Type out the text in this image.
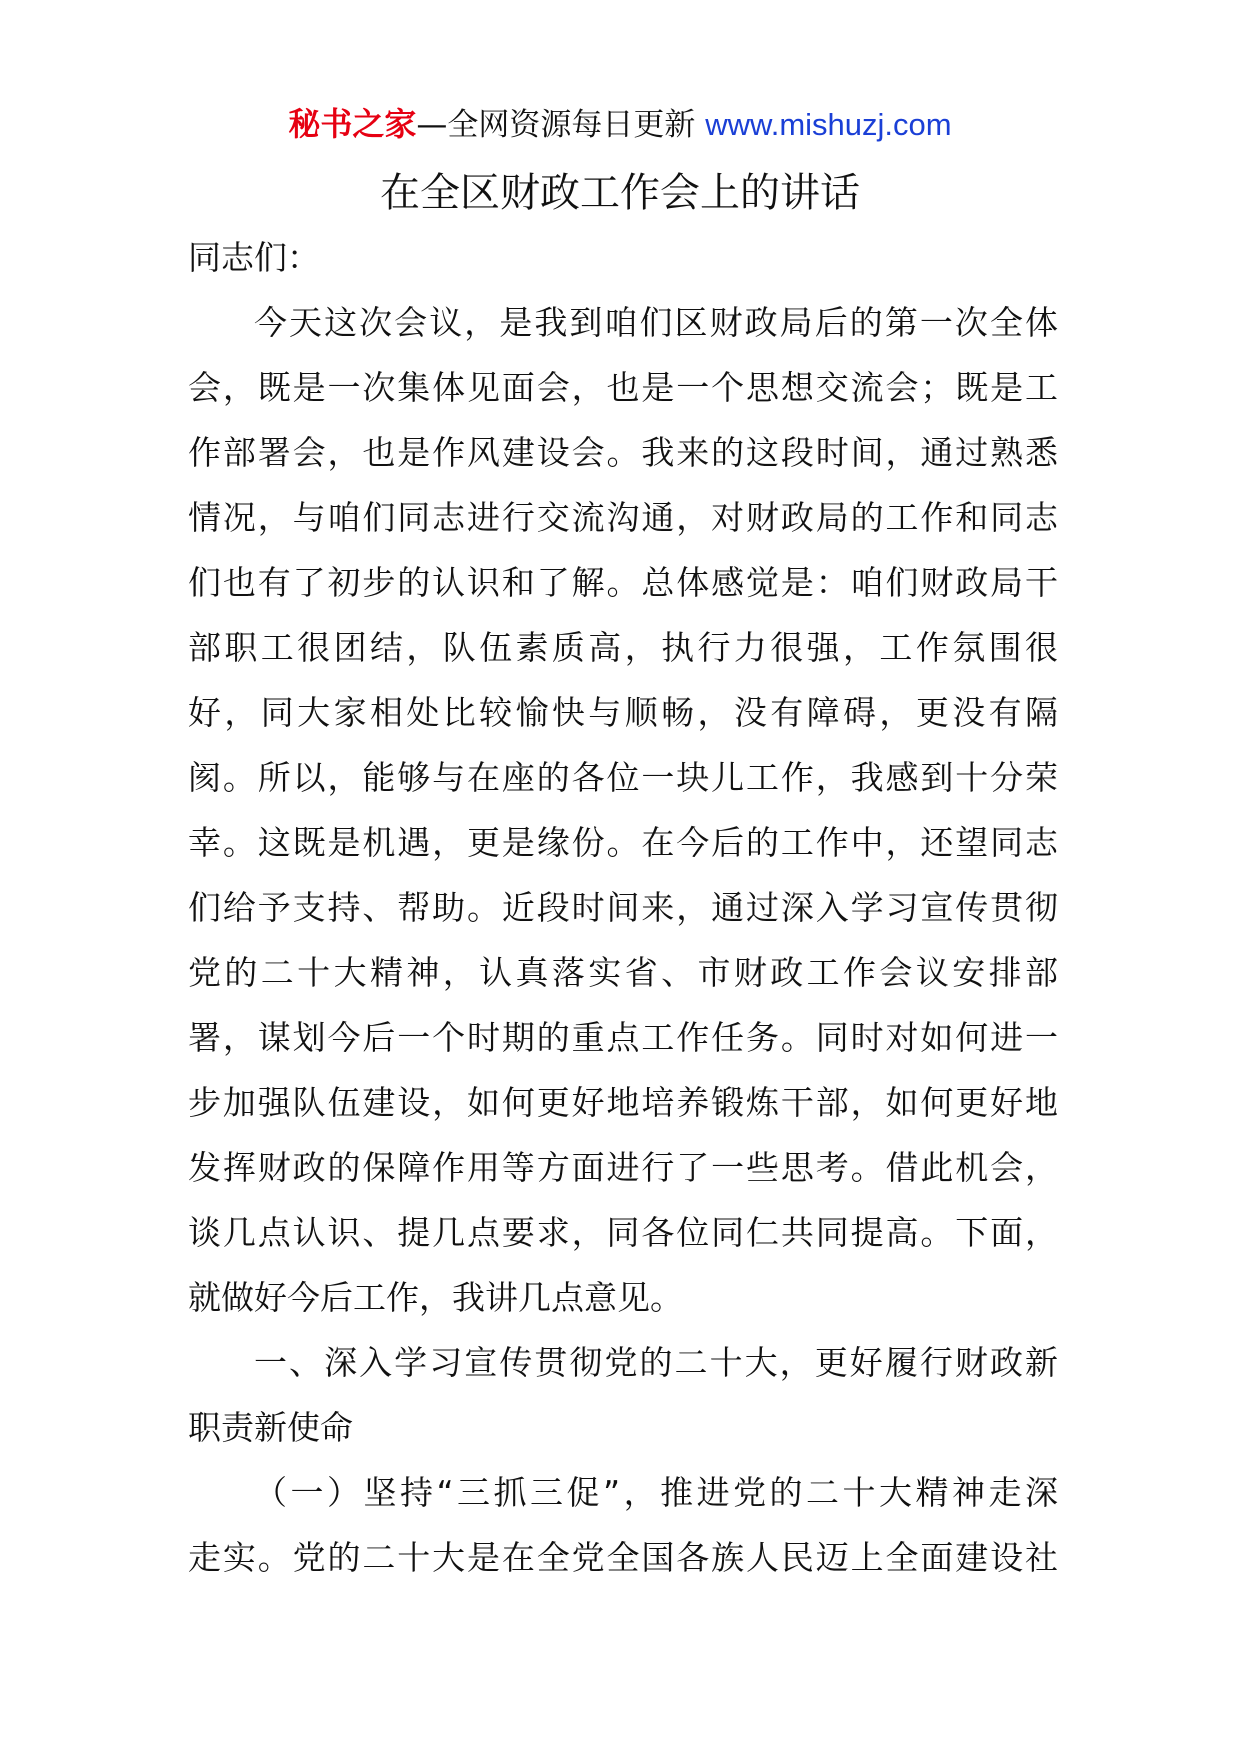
秘书之家—全网资源每日更新 www.mishuzj.com
在全区财政工作会上的讲话

同志们：

今天这次会议，是我到咱们区财政局后的第一次全体
会，既是一次集体见面会，也是一个思想交流会；既是工
作部署会，也是作风建设会。我来的这段时间，通过熟悉
情况，与咱们同志进行交流沟通，对财政局的工作和同志
们也有了初步的认识和了解。总体感觉是：咱们财政局干
部职工很团结，队伍素质高，执行力很强，工作氛围很
好，同大家相处比较愉快与顺畅，没有障碍，更没有隔
阂。所以，能够与在座的各位一块儿工作，我感到十分荣
幸。这既是机遇，更是缘份。在今后的工作中，还望同志
们给予支持、帮助。近段时间来，通过深入学习宣传贯彻
党的二十大精神，认真落实省、市财政工作会议安排部
署，谋划今后一个时期的重点工作任务。同时对如何进一
步加强队伍建设，如何更好地培养锻炼干部，如何更好地
发挥财政的保障作用等方面进行了一些思考。借此机会，
谈几点认识、提几点要求，同各位同仁共同提高。下面，
就做好今后工作，我讲几点意见。
一、深入学习宣传贯彻党的二十大，更好履行财政新
职责新使命
（一）坚持“三抓三促”，推进党的二十大精神走深
走实。党的二十大是在全党全国各族人民迈上全面建设社
